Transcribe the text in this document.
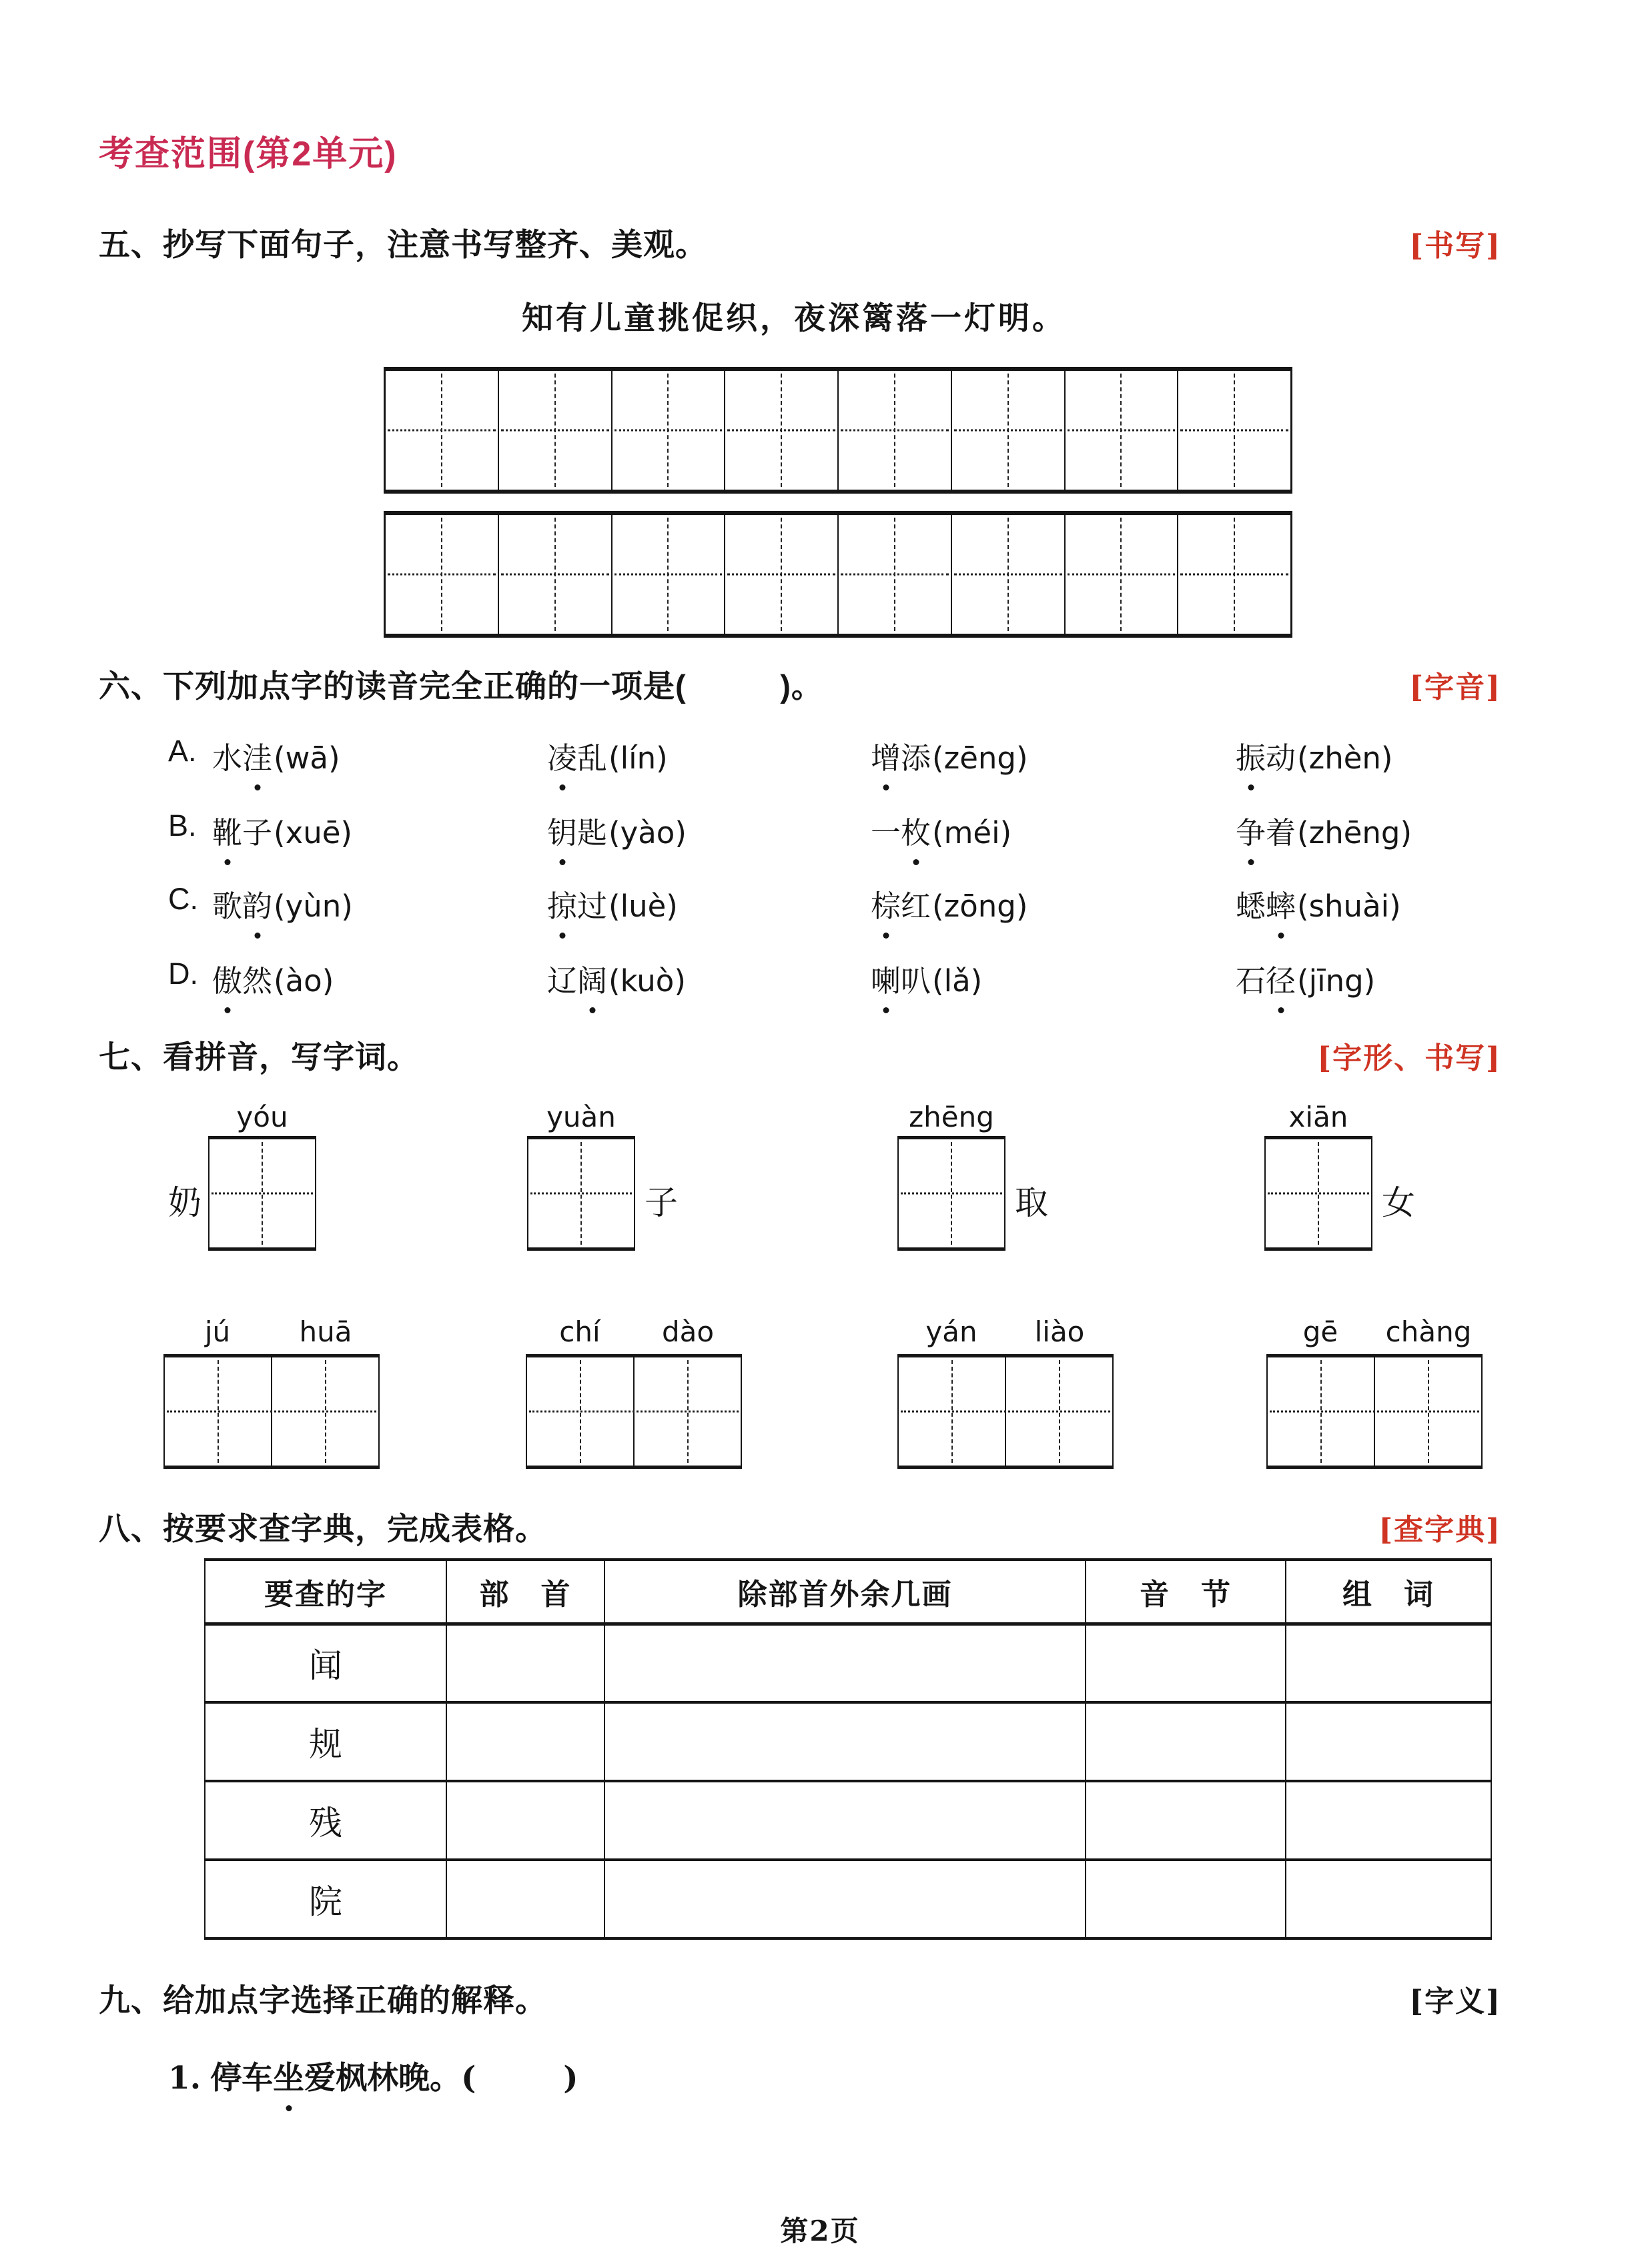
考查范围(第2单元)
五、抄写下面句子，注意书写整齐、美观。	[书写]
知有儿童挑促织，夜深篱落一灯明。
六、下列加点字的读音完全正确的一项是(          )。	[字音]
A. 水洼(wā)	凌乱(lín)	增添(zēng)	振动(zhèn)
B. 靴子(xuē)	钥匙(yào)	一枚(méi)	争着(zhēng)
C. 歌韵(yùn)	掠过(luè)	棕红(zōng)	蟋蟀(shuài)
D. 傲然(ào)	辽阔(kuò)	喇叭(lǎ)	石径(jīng)
七、看拼音，写字词。	[字形、书写]
奶
yóu	yuàn
子
zhēng
取
xiān
女
jú	huā	chí	dào	yán	liào	gē	chàng
八、按要求查字典，完成表格。	[查字典]
要查的字	部　首	除部首外余几画	音　节	组　词
闻				
规				
残				
院				
九、给加点字选择正确的解释。	[字义]
1. 停车坐爱枫林晚。(        )
第2页
